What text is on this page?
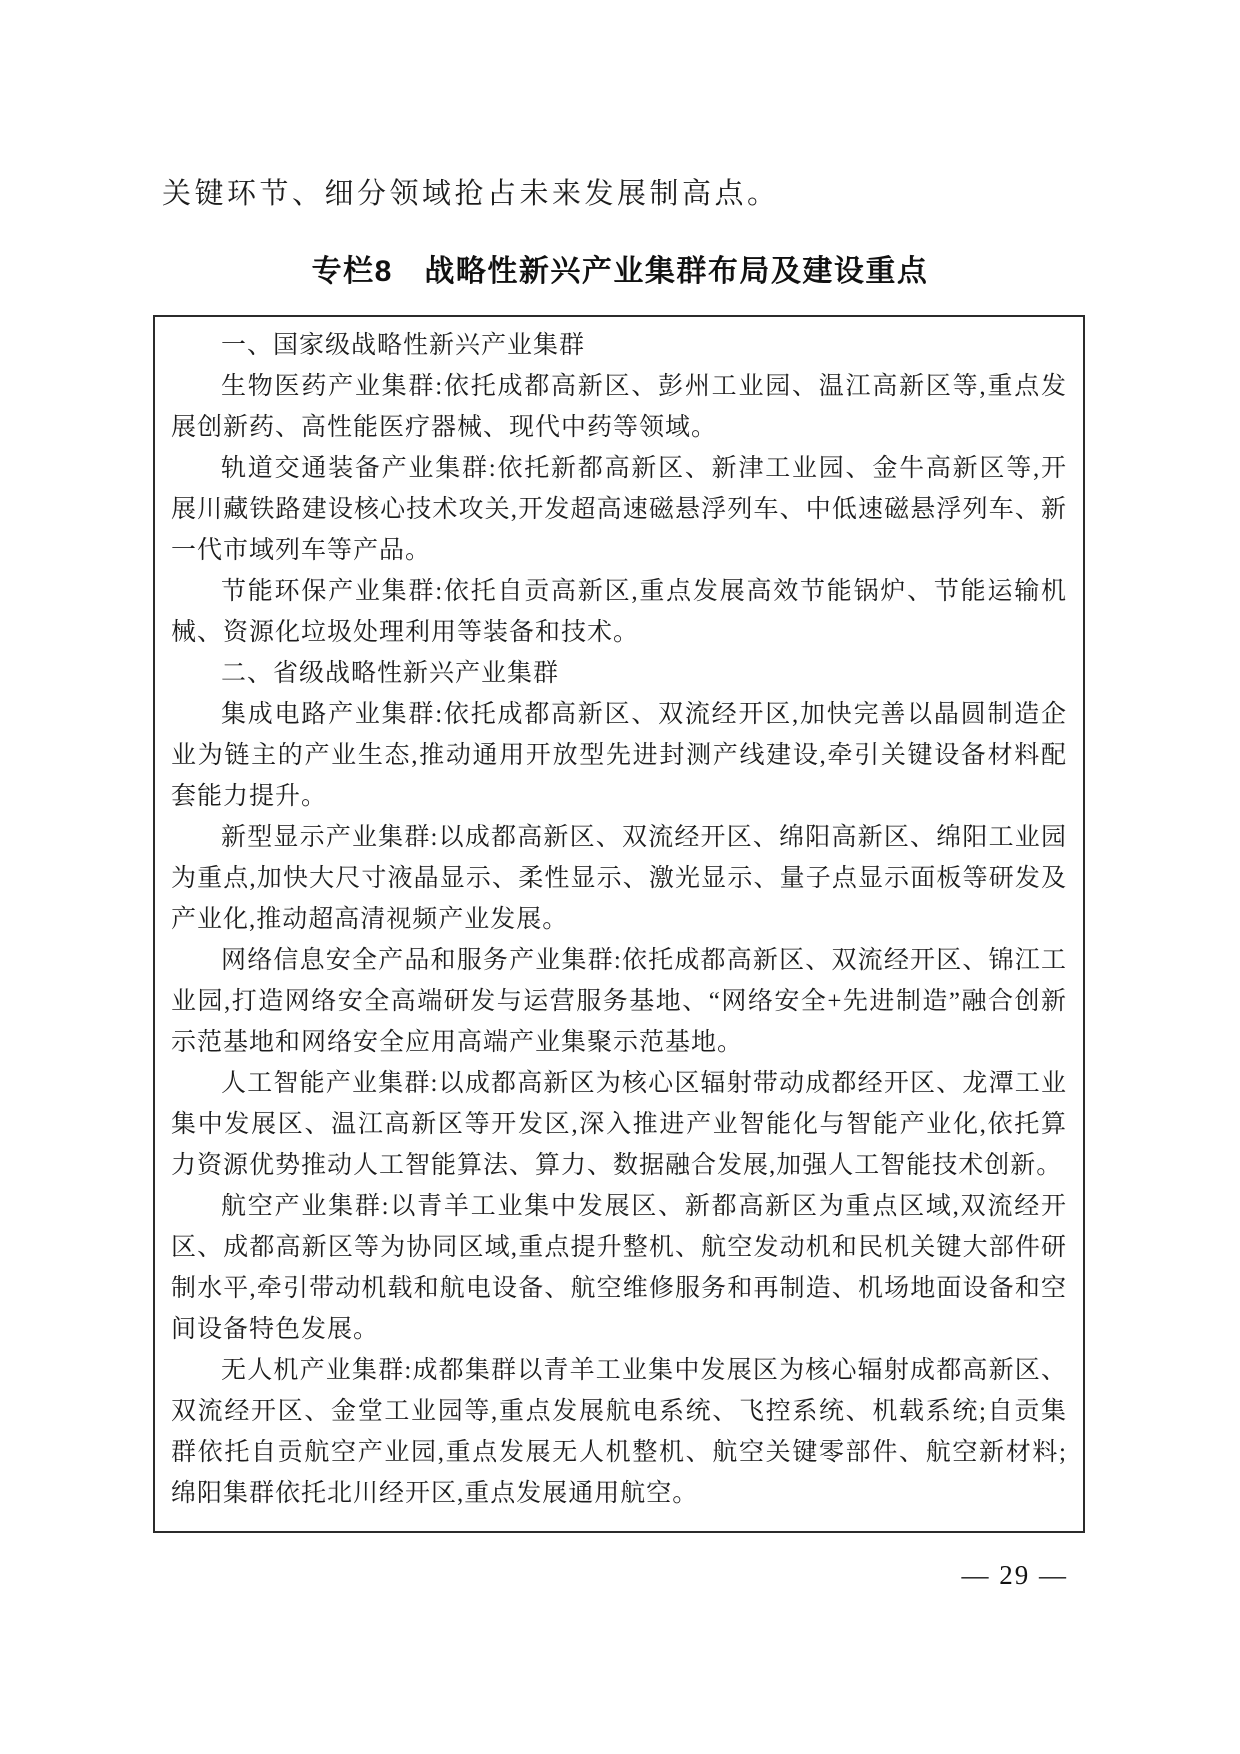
关键环节、细分领域抢占未来发展制高点。

专栏8　战略性新兴产业集群布局及建设重点

一、国家级战略性新兴产业集群

生物医药产业集群:依托成都高新区、彭州工业园、温江高新区等,重点发展创新药、高性能医疗器械、现代中药等领域。

轨道交通装备产业集群:依托新都高新区、新津工业园、金牛高新区等,开展川藏铁路建设核心技术攻关,开发超高速磁悬浮列车、中低速磁悬浮列车、新一代市域列车等产品。

节能环保产业集群:依托自贡高新区,重点发展高效节能锅炉、节能运输机械、资源化垃圾处理利用等装备和技术。

二、省级战略性新兴产业集群

集成电路产业集群:依托成都高新区、双流经开区,加快完善以晶圆制造企业为链主的产业生态,推动通用开放型先进封测产线建设,牵引关键设备材料配套能力提升。

新型显示产业集群:以成都高新区、双流经开区、绵阳高新区、绵阳工业园为重点,加快大尺寸液晶显示、柔性显示、激光显示、量子点显示面板等研发及产业化,推动超高清视频产业发展。

网络信息安全产品和服务产业集群:依托成都高新区、双流经开区、锦江工业园,打造网络安全高端研发与运营服务基地、“网络安全+先进制造”融合创新示范基地和网络安全应用高端产业集聚示范基地。

人工智能产业集群:以成都高新区为核心区辐射带动成都经开区、龙潭工业集中发展区、温江高新区等开发区,深入推进产业智能化与智能产业化,依托算力资源优势推动人工智能算法、算力、数据融合发展,加强人工智能技术创新。

航空产业集群:以青羊工业集中发展区、新都高新区为重点区域,双流经开区、成都高新区等为协同区域,重点提升整机、航空发动机和民机关键大部件研制水平,牵引带动机载和航电设备、航空维修服务和再制造、机场地面设备和空间设备特色发展。

无人机产业集群:成都集群以青羊工业集中发展区为核心辐射成都高新区、双流经开区、金堂工业园等,重点发展航电系统、飞控系统、机载系统;自贡集群依托自贡航空产业园,重点发展无人机整机、航空关键零部件、航空新材料;绵阳集群依托北川经开区,重点发展通用航空。

— 29 —
